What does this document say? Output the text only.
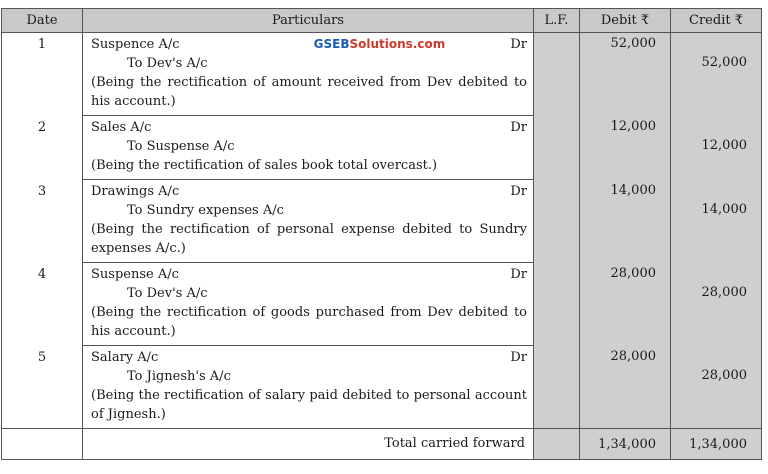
Date	Particulars	L.F.	Debit ₹	Credit ₹
1	Suspence A/c GSEBSolutions.com Dr
To Dev's A/c
(Being the rectification of amount received from Dev debited to his account.)		52,000	52,000

2	Sales A/c Dr
To Suspense A/c
(Being the rectification of sales book total overcast.)		12,000	12,000

3	Drawings A/c Dr
To Sundry expenses A/c
(Being the rectification of personal expense debited to Sundry expenses A/c.)		14,000	14,000

4	Suspense A/c Dr
To Dev's A/c
(Being the rectification of goods purchased from Dev debited to his account.)		28,000	28,000

5	Salary A/c Dr
To Jignesh's A/c
(Being the rectification of salary paid debited to personal account of Jignesh.)		28,000	28,000

	Total carried forward		1,34,000	1,34,000
